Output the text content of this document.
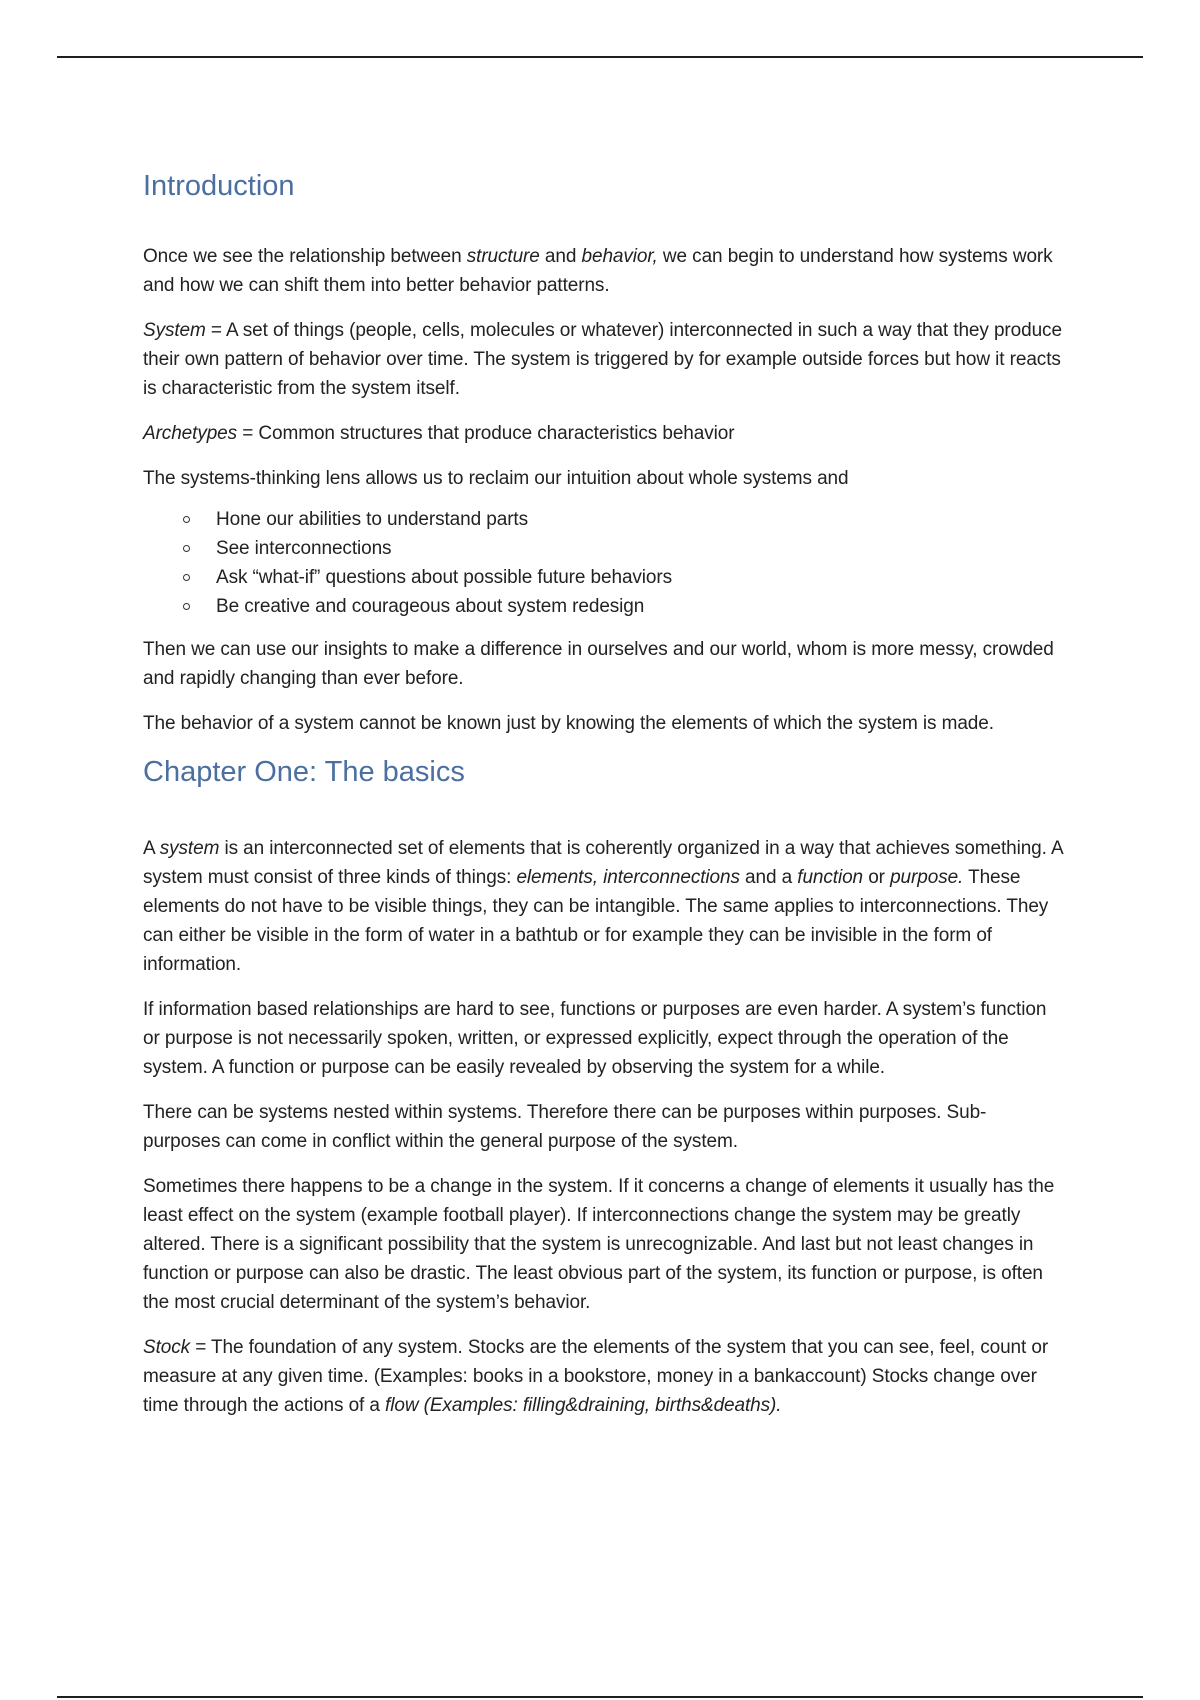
Introduction

Once we see the relationship between structure and behavior, we can begin to understand how systems work and how we can shift them into better behavior patterns.

System = A set of things (people, cells, molecules or whatever) interconnected in such a way that they produce their own pattern of behavior over time. The system is triggered by for example outside forces but how it reacts is characteristic from the system itself.

Archetypes = Common structures that produce characteristics behavior

The systems-thinking lens allows us to reclaim our intuition about whole systems and

Hone our abilities to understand parts
See interconnections
Ask “what-if” questions about possible future behaviors
Be creative and courageous about system redesign

Then we can use our insights to make a difference in ourselves and our world, whom is more messy, crowded and rapidly changing than ever before.

The behavior of a system cannot be known just by knowing the elements of which the system is made.

Chapter One: The basics

A system is an interconnected set of elements that is coherently organized in a way that achieves something. A system must consist of three kinds of things: elements, interconnections and a function or purpose. These elements do not have to be visible things, they can be intangible. The same applies to interconnections. They can either be visible in the form of water in a bathtub or for example they can be invisible in the form of information.

If information based relationships are hard to see, functions or purposes are even harder. A system’s function or purpose is not necessarily spoken, written, or expressed explicitly, expect through the operation of the system. A function or purpose can be easily revealed by observing the system for a while.

There can be systems nested within systems. Therefore there can be purposes within purposes. Sub-purposes can come in conflict within the general purpose of the system.

Sometimes there happens to be a change in the system. If it concerns a change of elements it usually has the least effect on the system (example football player). If interconnections change the system may be greatly altered. There is a significant possibility that the system is unrecognizable. And last but not least changes in function or purpose can also be drastic. The least obvious part of the system, its function or purpose, is often the most crucial determinant of the system’s behavior.

Stock = The foundation of any system. Stocks are the elements of the system that you can see, feel, count or measure at any given time. (Examples: books in a bookstore, money in a bankaccount) Stocks change over time through the actions of a flow (Examples: filling&draining, births&deaths).
